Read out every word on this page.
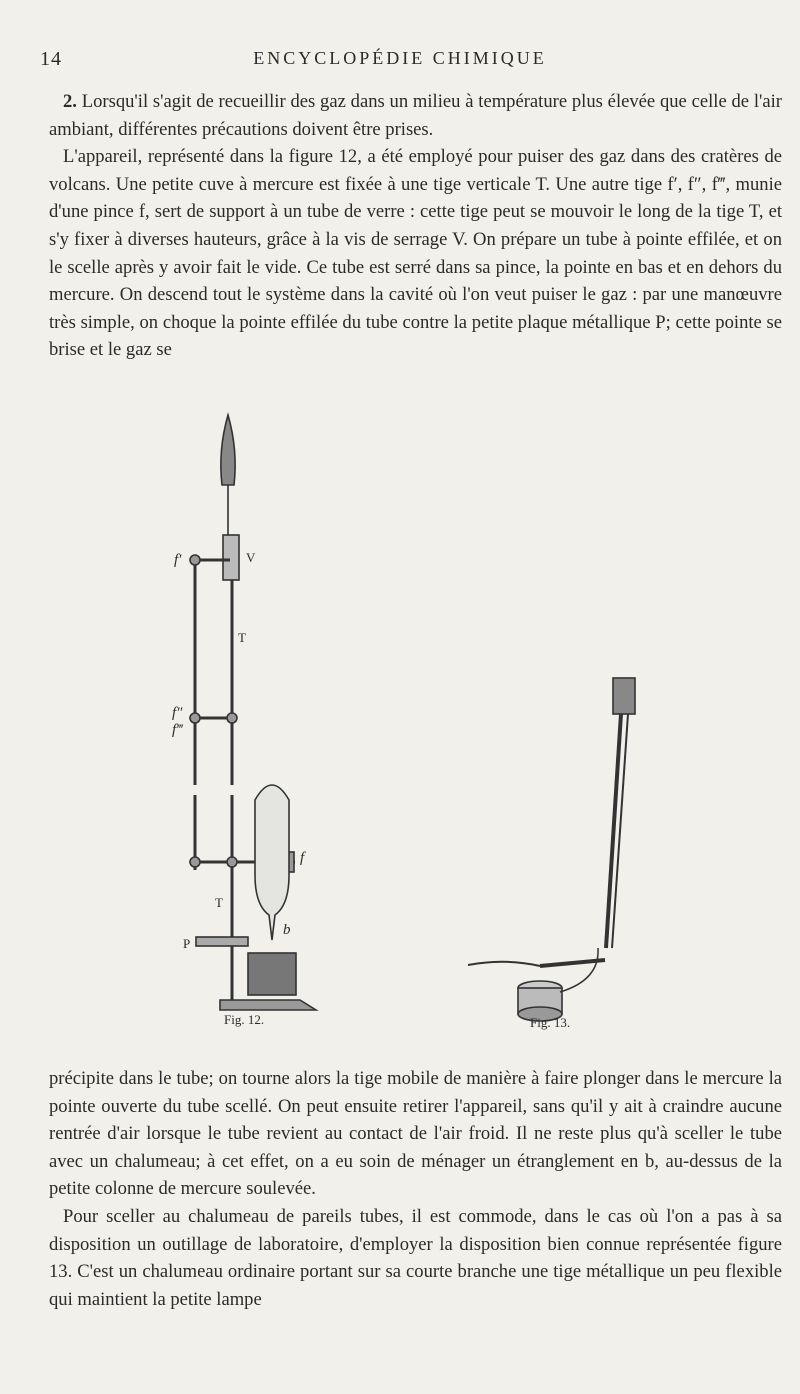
14	ENCYCLOPÉDIE CHIMIQUE

2. Lorsqu'il s'agit de recueillir des gaz dans un milieu à température plus élevée que celle de l'air ambiant, différentes précautions doivent être prises.

L'appareil, représenté dans la figure 12, a été employé pour puiser des gaz dans des cratères de volcans. Une petite cuve à mercure est fixée à une tige verticale T. Une autre tige f′, f″, f‴, munie d'une pince f, sert de support à un tube de verre : cette tige peut se mouvoir le long de la tige T, et s'y fixer à diverses hauteurs, grâce à la vis de serrage V. On prépare un tube à pointe effilée, et on le scelle après y avoir fait le vide. Ce tube est serré dans sa pince, la pointe en bas et en dehors du mercure. On descend tout le système dans la cavité où l'on veut puiser le gaz : par une manœuvre très simple, on choque la pointe effilée du tube contre la petite plaque métallique P; cette pointe se brise et le gaz se

f′	V
T
f″
f‴
f
T
P
b
Fig. 12.	Fig. 13.

précipite dans le tube; on tourne alors la tige mobile de manière à faire plonger dans le mercure la pointe ouverte du tube scellé. On peut ensuite retirer l'appareil, sans qu'il y ait à craindre aucune rentrée d'air lorsque le tube revient au contact de l'air froid. Il ne reste plus qu'à sceller le tube avec un chalumeau; à cet effet, on a eu soin de ménager un étranglement en b, au-dessus de la petite colonne de mercure soulevée.

Pour sceller au chalumeau de pareils tubes, il est commode, dans le cas où l'on a pas à sa disposition un outillage de laboratoire, d'employer la disposition bien connue représentée figure 13. C'est un chalumeau ordinaire portant sur sa courte branche une tige métallique un peu flexible qui maintient la petite lampe
